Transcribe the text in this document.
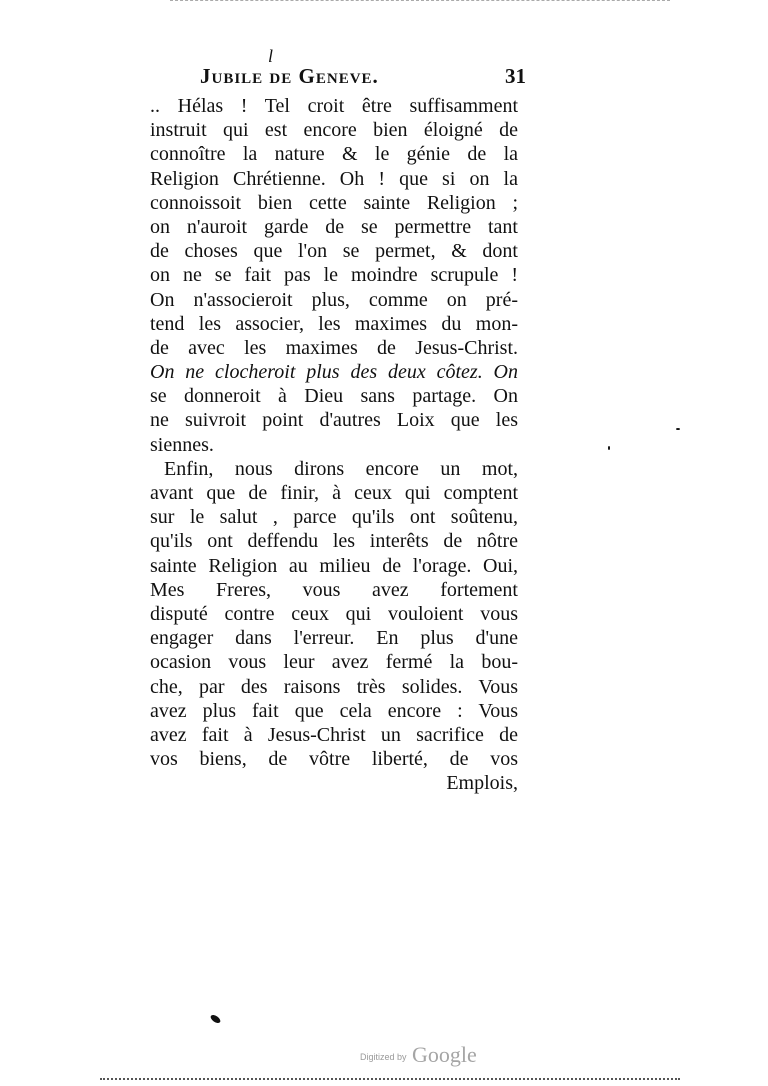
l
Jubile de Geneve.	31
.. Hélas ! Tel croit être suffisamment
instruit qui est encore bien éloigné de
connoître la nature & le génie de la
Religion Chrétienne. Oh ! que si on la
connoissoit bien cette sainte Religion ;
on n'auroit garde de se permettre tant
de choses que l'on se permet, & dont
on ne se fait pas le moindre scrupule !
On n'associeroit plus, comme on pré-
tend les associer, les maximes du mon-
de avec les maximes de Jesus-Christ.
On ne clocheroit plus des deux côtez. On
se donneroit à Dieu sans partage. On
ne suivroit point d'autres Loix que les
siennes.
Enfin, nous dirons encore un mot,
avant que de finir, à ceux qui comptent
sur le salut , parce qu'ils ont soûtenu,
qu'ils ont deffendu les interêts de nôtre
sainte Religion au milieu de l'orage. Oui,
Mes Freres, vous avez fortement
disputé contre ceux qui vouloient vous
engager dans l'erreur. En plus d'une
ocasion vous leur avez fermé la bou-
che, par des raisons très solides. Vous
avez plus fait que cela encore : Vous
avez fait à Jesus-Christ un sacrifice de
vos biens, de vôtre liberté, de vos
Emplois,
Digitized by Google
